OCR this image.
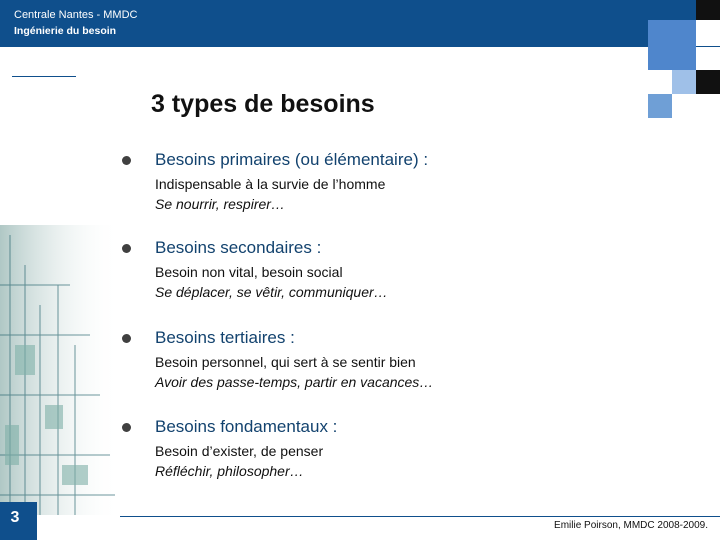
Centrale Nantes - MMDC
Ingénierie du besoin
3 types de besoins
Besoins primaires (ou élémentaire) :
Indispensable à la survie de l’homme
Se nourrir, respirer…
Besoins secondaires :
Besoin non vital, besoin social
Se déplacer, se vêtir, communiquer…
Besoins tertiaires :
Besoin personnel, qui sert à se sentir bien
Avoir des passe-temps, partir en vacances…
Besoins fondamentaux :
Besoin d’exister, de penser
Réfléchir, philosopher…
3	Emilie Poirson, MMDC 2008-2009.
